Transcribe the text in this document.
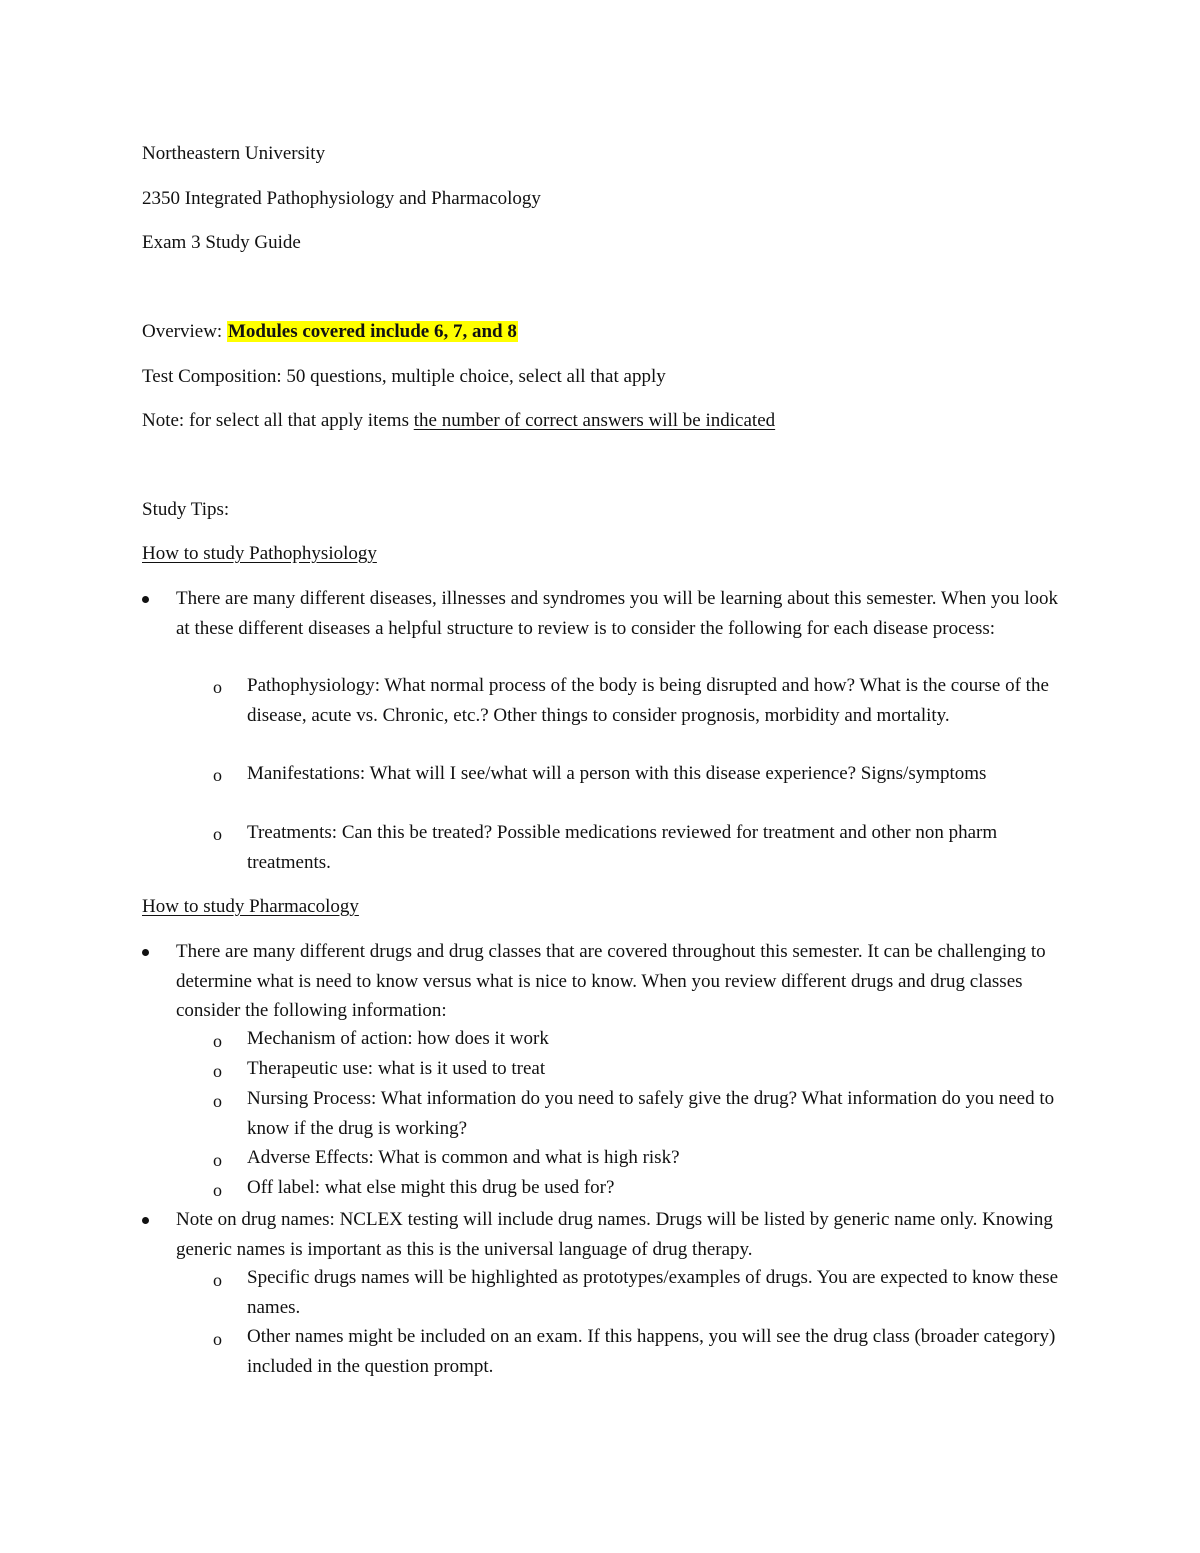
Northeastern University
2350 Integrated Pathophysiology and Pharmacology
Exam 3 Study Guide
Overview: Modules covered include 6, 7, and 8
Test Composition: 50 questions, multiple choice, select all that apply
Note: for select all that apply items the number of correct answers will be indicated
Study Tips:
How to study Pathophysiology
There are many different diseases, illnesses and syndromes you will be learning about this semester. When you look at these different diseases a helpful structure to review is to consider the following for each disease process:
o Pathophysiology: What normal process of the body is being disrupted and how? What is the course of the disease, acute vs. Chronic, etc.? Other things to consider prognosis, morbidity and mortality.
o Manifestations: What will I see/what will a person with this disease experience? Signs/symptoms
o Treatments: Can this be treated? Possible medications reviewed for treatment and other non pharm treatments.
How to study Pharmacology
There are many different drugs and drug classes that are covered throughout this semester. It can be challenging to determine what is need to know versus what is nice to know. When you review different drugs and drug classes consider the following information:
o Mechanism of action: how does it work
o Therapeutic use: what is it used to treat
o Nursing Process: What information do you need to safely give the drug? What information do you need to know if the drug is working?
o Adverse Effects: What is common and what is high risk?
o Off label: what else might this drug be used for?
Note on drug names: NCLEX testing will include drug names. Drugs will be listed by generic name only. Knowing generic names is important as this is the universal language of drug therapy.
o Specific drugs names will be highlighted as prototypes/examples of drugs. You are expected to know these names.
o Other names might be included on an exam. If this happens, you will see the drug class (broader category) included in the question prompt.
